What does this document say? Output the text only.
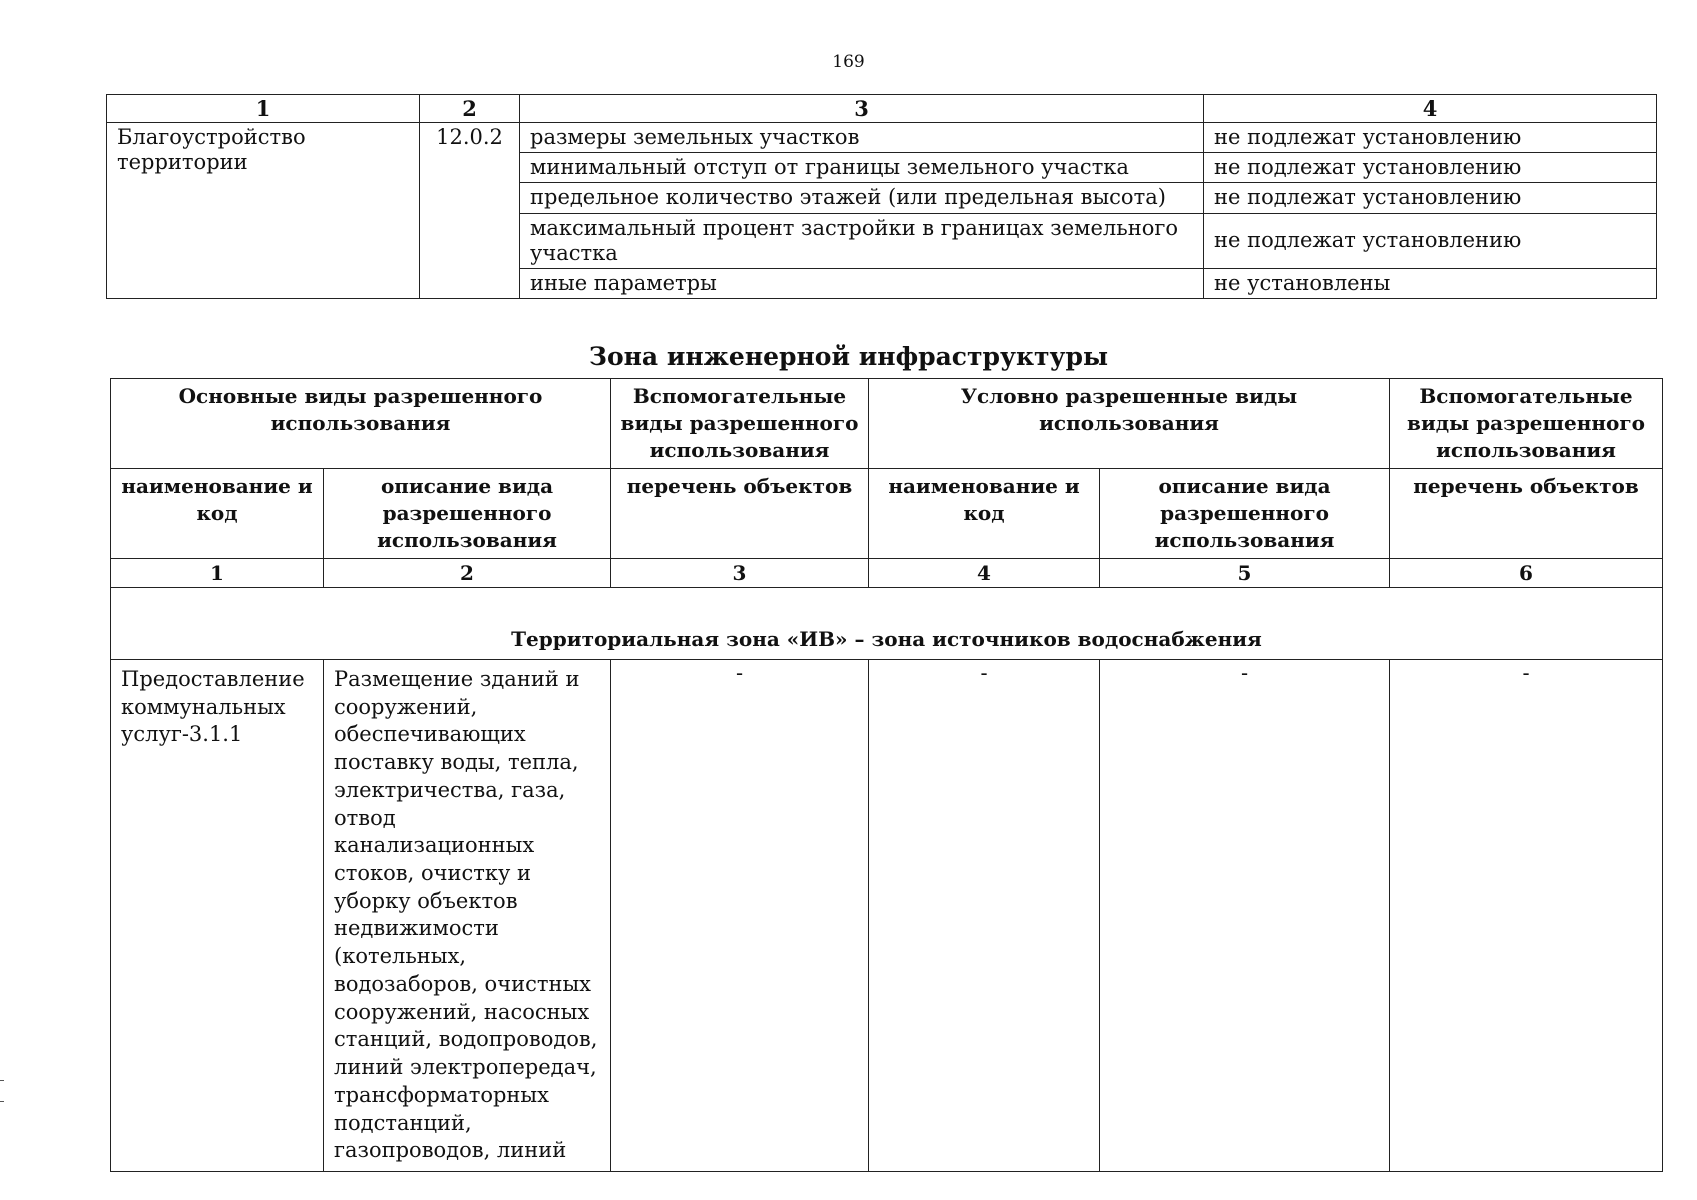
169
1	2	3	4
Благоустройство территории	12.0.2	размеры земельных участков	не подлежат установлению
		минимальный отступ от границы земельного участка	не подлежат установлению
		предельное количество этажей (или предельная высота)	не подлежат установлению
		максимальный процент застройки в границах земельного участка	не подлежат установлению
		иные параметры	не установлены
Зона инженерной инфраструктуры
Основные виды разрешенного использования		Вспомогательные виды разрешенного использования	Условно разрешенные виды использования		Вспомогательные виды разрешенного использования
наименование и код	описание вида разрешенного использования	перечень объектов	наименование и код	описание вида разрешенного использования	перечень объектов
1	2	3	4	5	6
Территориальная зона «ИВ» – зона источников водоснабжения					
Предоставление коммунальных услуг-3.1.1	Размещение зданий и сооружений, обеспечивающих поставку воды, тепла, электричества, газа, отвод канализационных стоков, очистку и уборку объектов недвижимости (котельных, водозаборов, очистных сооружений, насосных станций, водопроводов, линий электропередач, трансформаторных подстанций, газопроводов, линий	-	-	-	-
